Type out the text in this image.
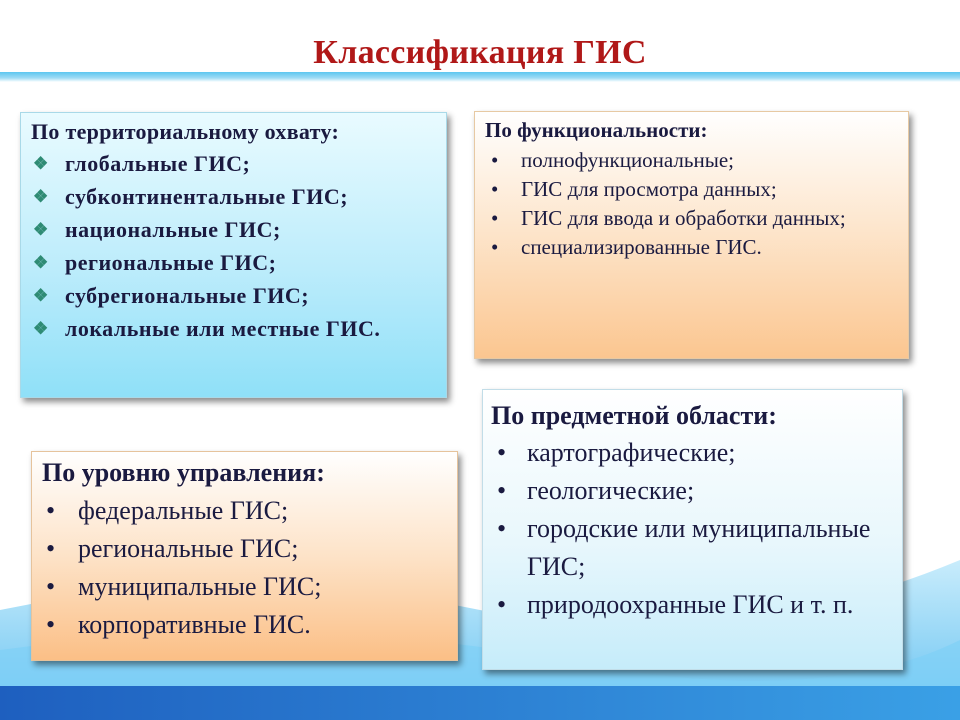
Классификация ГИС
По территориальному охвату:
❖ глобальные ГИС;
❖ субконтинентальные ГИС;
❖ национальные ГИС;
❖ региональные ГИС;
❖ субрегиональные ГИС;
❖ локальные или местные ГИС.
По функциональности:
• полнофункциональные;
• ГИС для просмотра данных;
• ГИС для ввода и обработки данных;
• специализированные ГИС.
По предметной области:
• картографические;
• геологические;
• городские или муниципальные ГИС;
• природоохранные ГИС и т. п.
По уровню управления:
• федеральные ГИС;
• региональные ГИС;
• муниципальные ГИС;
• корпоративные ГИС.
